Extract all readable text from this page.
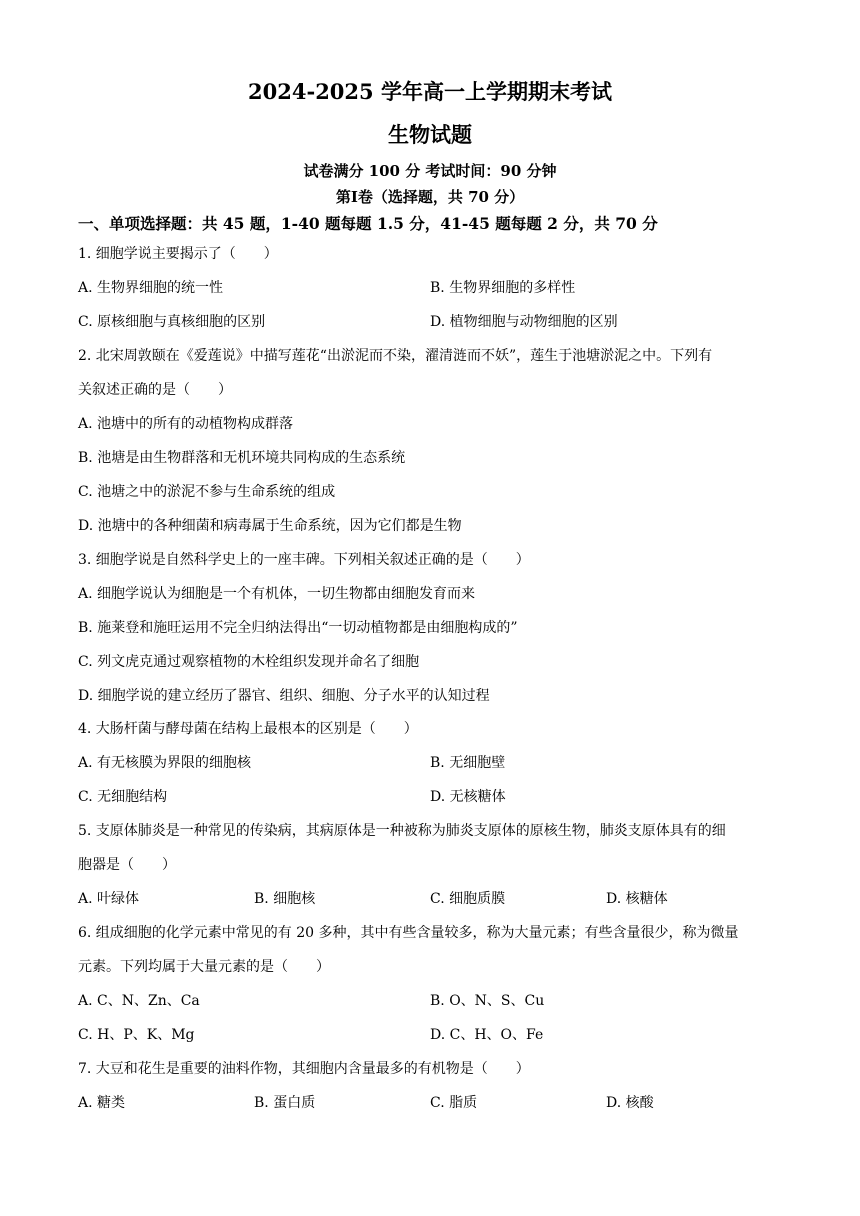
2024-2025 学年高一上学期期末考试
生物试题
试卷满分 100 分 考试时间：90 分钟
第Ⅰ卷（选择题，共 70 分）
一、单项选择题：共 45 题，1-40 题每题 1.5 分，41-45 题每题 2 分，共 70 分
1. 细胞学说主要揭示了（　　）
A. 生物界细胞的统一性	B. 生物界细胞的多样性
C. 原核细胞与真核细胞的区别	D. 植物细胞与动物细胞的区别
2. 北宋周敦颐在《爱莲说》中描写莲花“出淤泥而不染，濯清涟而不妖”，莲生于池塘淤泥之中。下列有
关叙述正确的是（　　）
A. 池塘中的所有的动植物构成群落
B. 池塘是由生物群落和无机环境共同构成的生态系统
C. 池塘之中的淤泥不参与生命系统的组成
D. 池塘中的各种细菌和病毒属于生命系统，因为它们都是生物
3. 细胞学说是自然科学史上的一座丰碑。下列相关叙述正确的是（　　）
A. 细胞学说认为细胞是一个有机体，一切生物都由细胞发育而来
B. 施莱登和施旺运用不完全归纳法得出“一切动植物都是由细胞构成的”
C. 列文虎克通过观察植物的木栓组织发现并命名了细胞
D. 细胞学说的建立经历了器官、组织、细胞、分子水平的认知过程
4. 大肠杆菌与酵母菌在结构上最根本的区别是（　　）
A. 有无核膜为界限的细胞核	B. 无细胞壁
C. 无细胞结构	D. 无核糖体
5. 支原体肺炎是一种常见的传染病，其病原体是一种被称为肺炎支原体的原核生物，肺炎支原体具有的细
胞器是（　　）
A. 叶绿体	B. 细胞核	C. 细胞质膜	D. 核糖体
6. 组成细胞的化学元素中常见的有 20 多种，其中有些含量较多，称为大量元素；有些含量很少，称为微量
元素。下列均属于大量元素的是（　　）
A. C、N、Zn、Ca	B. O、N、S、Cu
C. H、P、K、Mg	D. C、H、O、Fe
7. 大豆和花生是重要的油料作物，其细胞内含量最多的有机物是（　　）
A. 糖类	B. 蛋白质	C. 脂质	D. 核酸
